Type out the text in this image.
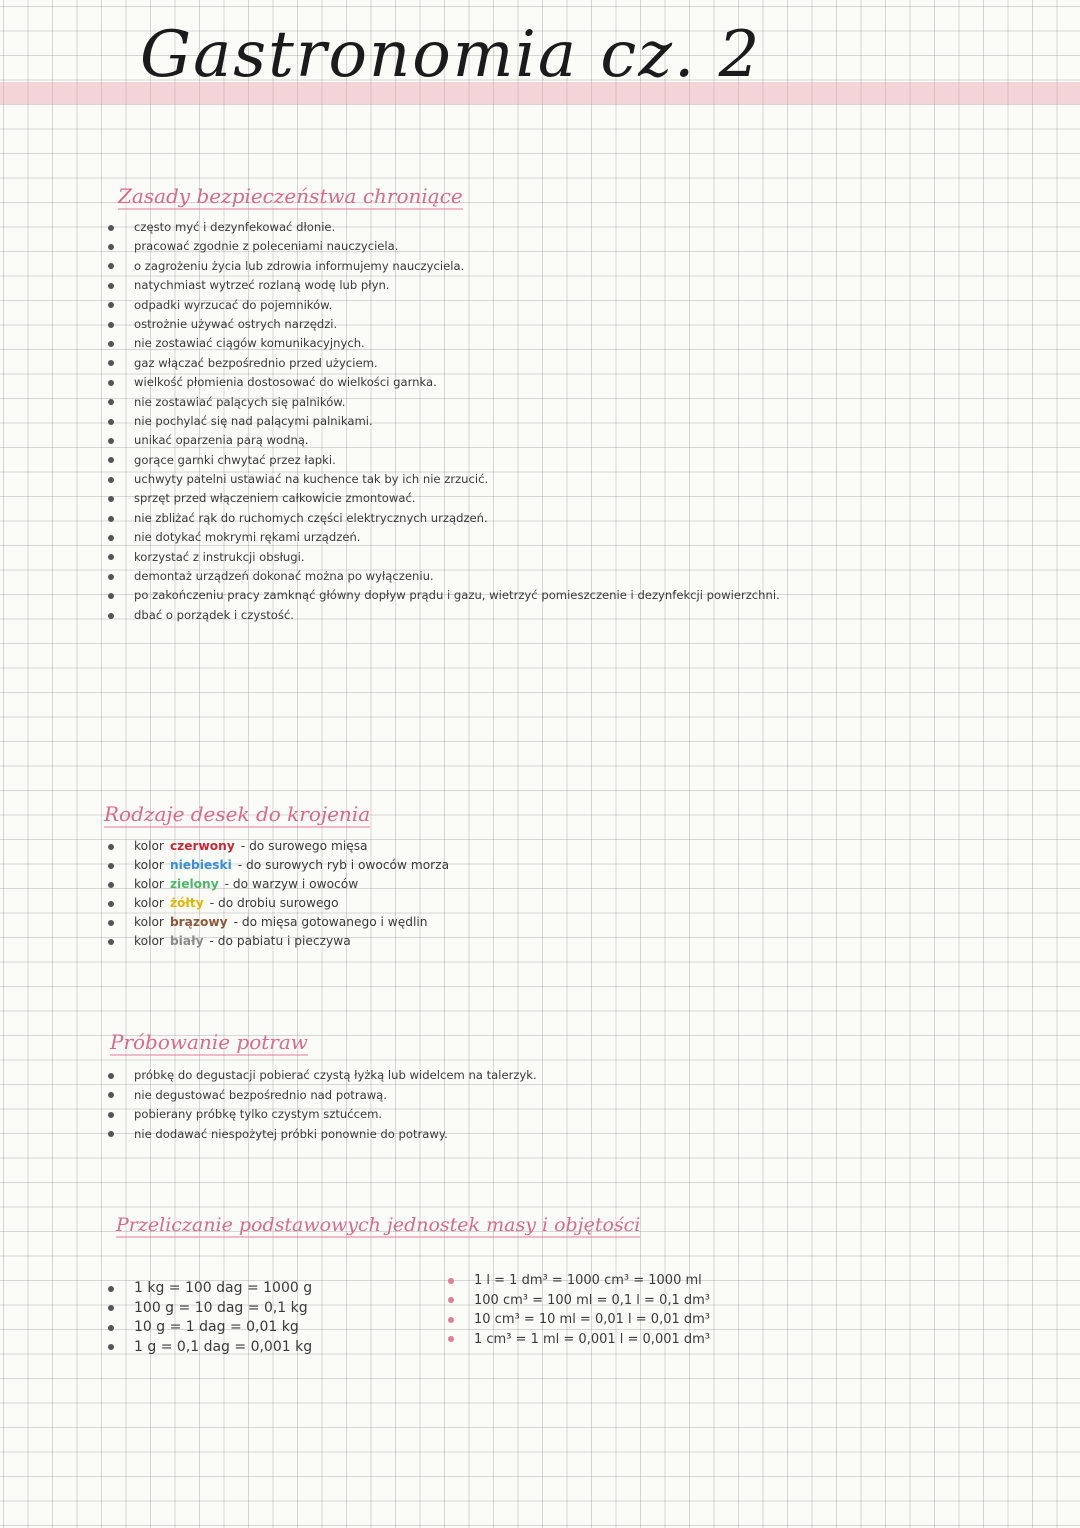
Gastronomia cz. 2
Zasady bezpieczeństwa chroniące
często myć i dezynfekować dłonie.
pracować zgodnie z poleceniami nauczyciela.
o zagrożeniu życia lub zdrowia informujemy nauczyciela.
natychmiast wytrzeć rozlaną wodę lub płyn.
odpadki wyrzucać do pojemników.
ostrożnie używać ostrych narzędzi.
nie zostawiać ciągów komunikacyjnych.
gaz włączać bezpośrednio przed użyciem.
wielkość płomienia dostosować do wielkości garnka.
nie zostawiać palących się palników.
nie pochylać się nad palącymi palnikami.
unikać oparzenia parą wodną.
gorące garnki chwytać przez łapki.
uchwyty patelni ustawiać na kuchence tak by ich nie zrzucić.
sprzęt przed włączeniem całkowicie zmontować.
nie zbliżać rąk do ruchomych części elektrycznych urządzeń.
nie dotykać mokrymi rękami urządzeń.
korzystać z instrukcji obsługi.
demontaż urządzeń dokonać można po wyłączeniu.
po zakończeniu pracy zamknąć główny dopływ prądu i gazu, wietrzyć pomieszczenie i dezynfekcji powierzchni.
dbać o porządek i czystość.
Rodzaje desek do krojenia
kolor czerwony - do surowego mięsa
kolor niebieski - do surowych ryb i owoców morza
kolor zielony - do warzyw i owoców
kolor żółty - do drobiu surowego
kolor brązowy - do mięsa gotowanego i wędlin
kolor biały - do pabiatu i pieczywa
Próbowanie potraw
próbkę do degustacji pobierać czystą łyżką lub widelcem na talerzyk.
nie degustować bezpośrednio nad potrawą.
pobierany próbkę tylko czystym sztućcem.
nie dodawać niespożytej próbki ponownie do potrawy.
Przeliczanie podstawowych jednostek masy i objętości
1 kg = 100 dag = 1000 g
100 g = 10 dag = 0,1 kg
10 g = 1 dag = 0,01 kg
1 g = 0,1 dag = 0,001 kg
1 l = 1 dm³ = 1000 cm³ = 1000 ml
100 cm³ = 100 ml = 0,1 l = 0,1 dm³
10 cm³ = 10 ml = 0,01 l = 0,01 dm³
1 cm³ = 1 ml = 0,001 l = 0,001 dm³
